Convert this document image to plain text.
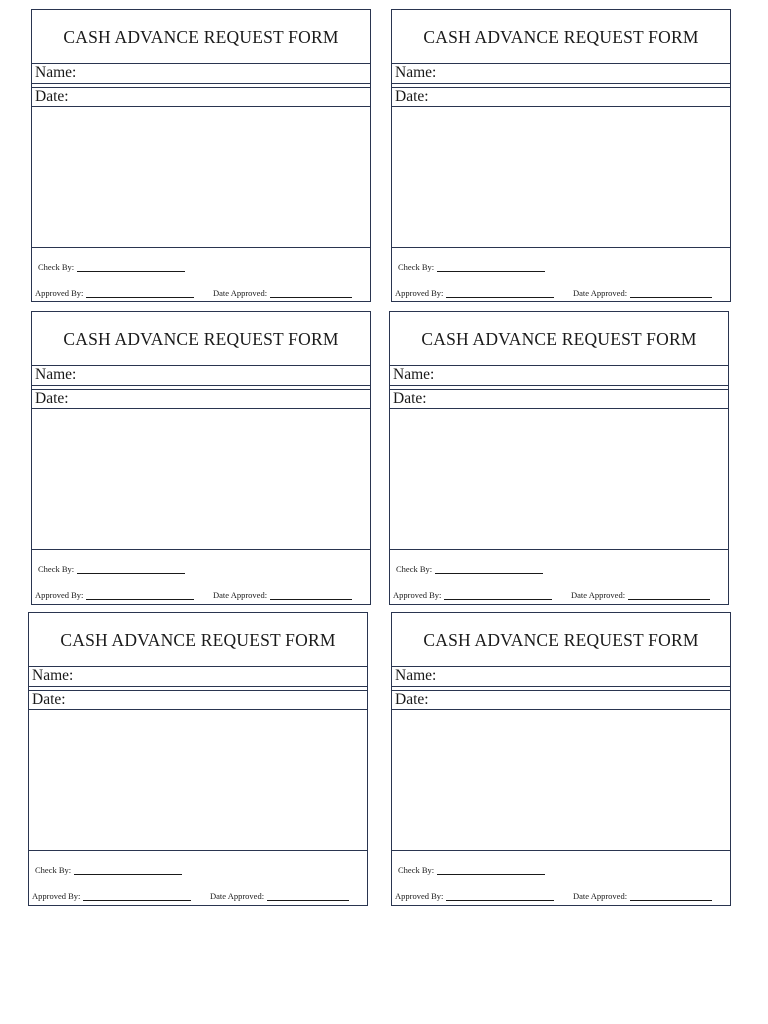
CASH ADVANCE REQUEST FORM
Name:
Date:
Check By:
Approved By:	Date Approved:
CASH ADVANCE REQUEST FORM
Name:
Date:
Check By:
Approved By:	Date Approved:
CASH ADVANCE REQUEST FORM
Name:
Date:
Check By:
Approved By:	Date Approved:
CASH ADVANCE REQUEST FORM
Name:
Date:
Check By:
Approved By:	Date Approved:
CASH ADVANCE REQUEST FORM
Name:
Date:
Check By:
Approved By:	Date Approved:
CASH ADVANCE REQUEST FORM
Name:
Date:
Check By:
Approved By:	Date Approved:
